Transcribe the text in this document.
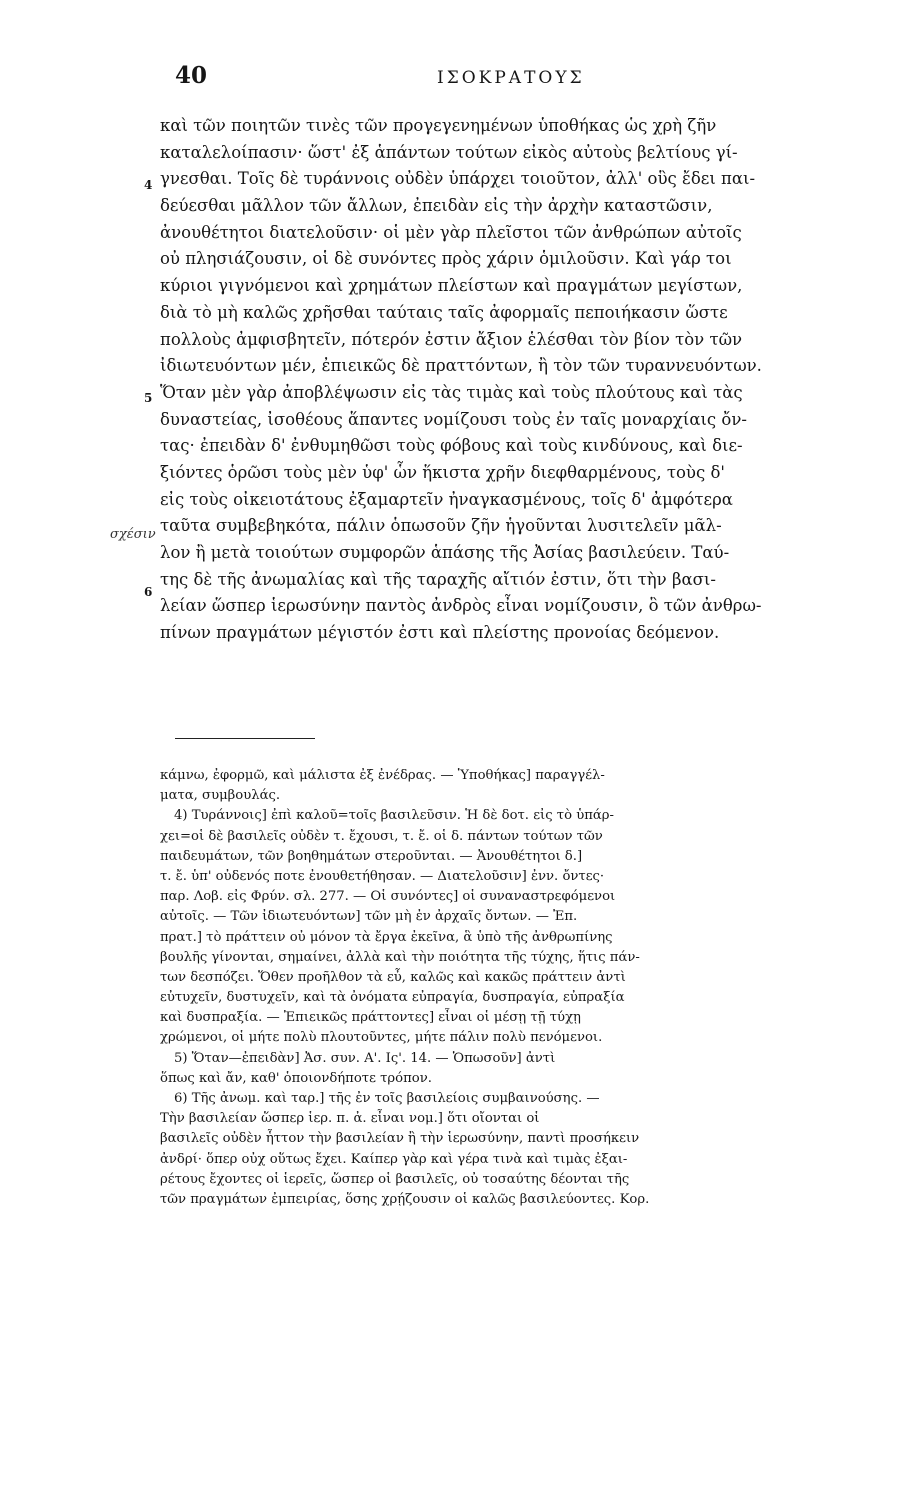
40	ΙΣΟΚΡΑΤΟΥΣ
4
5
6
σχέσιν
καὶ τῶν ποιητῶν τινὲς τῶν προγεγενημένων ὑποθήκας ὡς χρὴ ζῆν
καταλελοίπασιν· ὥστ' ἐξ ἁπάντων τούτων εἰκὸς αὐτοὺς βελτίους γί-
γνεσθαι. Τοῖς δὲ τυράννοις οὐδὲν ὑπάρχει τοιοῦτον, ἀλλ' οὓς ἔδει παι-
δεύεσθαι μᾶλλον τῶν ἄλλων, ἐπειδὰν εἰς τὴν ἀρχὴν καταστῶσιν,
ἀνουθέτητοι διατελοῦσιν· οἱ μὲν γὰρ πλεῖστοι τῶν ἀνθρώπων αὐτοῖς
οὐ πλησιάζουσιν, οἱ δὲ συνόντες πρὸς χάριν ὁμιλοῦσιν. Καὶ γάρ τοι
κύριοι γιγνόμενοι καὶ χρημάτων πλείστων καὶ πραγμάτων μεγίστων,
διὰ τὸ μὴ καλῶς χρῆσθαι ταύταις ταῖς ἀφορμαῖς πεποιήκασιν ὥστε
πολλοὺς ἀμφισβητεῖν, πότερόν ἐστιν ἄξιον ἑλέσθαι τὸν βίον τὸν τῶν
ἰδιωτευόντων μέν, ἐπιεικῶς δὲ πραττόντων, ἢ τὸν τῶν τυραννευόντων.
Ὅταν μὲν γὰρ ἀποβλέψωσιν εἰς τὰς τιμὰς καὶ τοὺς πλούτους καὶ τὰς
δυναστείας, ἰσοθέους ἅπαντες νομίζουσι τοὺς ἐν ταῖς μοναρχίαις ὄν-
τας· ἐπειδὰν δ' ἐνθυμηθῶσι τοὺς φόβους καὶ τοὺς κινδύνους, καὶ διε-
ξιόντες ὁρῶσι τοὺς μὲν ὑφ' ὧν ἥκιστα χρῆν διεφθαρμένους, τοὺς δ'
εἰς τοὺς οἰκειοτάτους ἐξαμαρτεῖν ἠναγκασμένους, τοῖς δ' ἀμφότερα
ταῦτα συμβεβηκότα, πάλιν ὁπωσοῦν ζῆν ἡγοῦνται λυσιτελεῖν μᾶλ-
λον ἢ μετὰ τοιούτων συμφορῶν ἁπάσης τῆς Ἀσίας βασιλεύειν. Ταύ-
της δὲ τῆς ἀνωμαλίας καὶ τῆς ταραχῆς αἴτιόν ἐστιν, ὅτι τὴν βασι-
λείαν ὥσπερ ἱερωσύνην παντὸς ἀνδρὸς εἶναι νομίζουσιν, ὃ τῶν ἀνθρω-
πίνων πραγμάτων μέγιστόν ἐστι καὶ πλείστης προνοίας δεόμενον.
κάμνω, ἐφορμῶ, καὶ μάλιστα ἐξ ἐνέδρας. — Ὑποθήκας] παραγγέλ-
ματα, συμβουλάς.
4) Τυράννοις] ἐπὶ καλοῦ=τοῖς βασιλεῦσιν. Ἡ δὲ δοτ. εἰς τὸ ὑπάρ-
χει=οἱ δὲ βασιλεῖς οὐδὲν τ. ἔχουσι, τ. ἔ. οἱ δ. πάντων τούτων τῶν
παιδευμάτων, τῶν βοηθημάτων στεροῦνται. — Ἀνουθέτητοι δ.]
τ. ἔ. ὑπ' οὐδενός ποτε ἐνουθετήθησαν. — Διατελοῦσιν] ἐνν. ὄντες·
παρ. Λοβ. εἰς Φρύν. σλ. 277. — Οἱ συνόντες] οἱ συναναστρεφόμενοι
αὐτοῖς. — Τῶν ἰδιωτευόντων] τῶν μὴ ἐν ἀρχαῖς ὄντων. — Ἐπ.
πρατ.] τὸ πράττειν οὐ μόνον τὰ ἔργα ἐκεῖνα, ἃ ὑπὸ τῆς ἀνθρωπίνης
βουλῆς γίνονται, σημαίνει, ἀλλὰ καὶ τὴν ποιότητα τῆς τύχης, ἥτις πάν-
των δεσπόζει. Ὅθεν προῆλθον τὰ εὖ, καλῶς καὶ κακῶς πράττειν ἀντὶ
εὐτυχεῖν, δυστυχεῖν, καὶ τὰ ὀνόματα εὐπραγία, δυσπραγία, εὐπραξία
καὶ δυσπραξία. — Ἐπιεικῶς πράττοντες] εἶναι οἱ μέσῃ τῇ τύχῃ
χρώμενοι, οἱ μήτε πολὺ πλουτοῦντες, μήτε πάλιν πολὺ πενόμενοι.
5) Ὅταν—ἐπειδὰν] Ἀσ. συν. Α'. Ις'. 14. — Ὁπωσοῦν] ἀντὶ
ὅπως καὶ ἄν, καθ' ὁποιονδήποτε τρόπον.
6) Τῆς ἀνωμ. καὶ ταρ.] τῆς ἐν τοῖς βασιλείοις συμβαινούσης. —
Τὴν βασιλείαν ὥσπερ ἱερ. π. ἀ. εἶναι νομ.] ὅτι οἴονται οἱ
βασιλεῖς οὐδὲν ἧττον τὴν βασιλείαν ἢ τὴν ἱερωσύνην, παντὶ προσήκειν
ἀνδρί· ὅπερ οὐχ οὕτως ἔχει. Καίπερ γὰρ καὶ γέρα τινὰ καὶ τιμὰς ἐξαι-
ρέτους ἔχοντες οἱ ἱερεῖς, ὥσπερ οἱ βασιλεῖς, οὐ τοσαύτης δέονται τῆς
τῶν πραγμάτων ἐμπειρίας, ὅσης χρῄζουσιν οἱ καλῶς βασιλεύοντες. Κορ.
